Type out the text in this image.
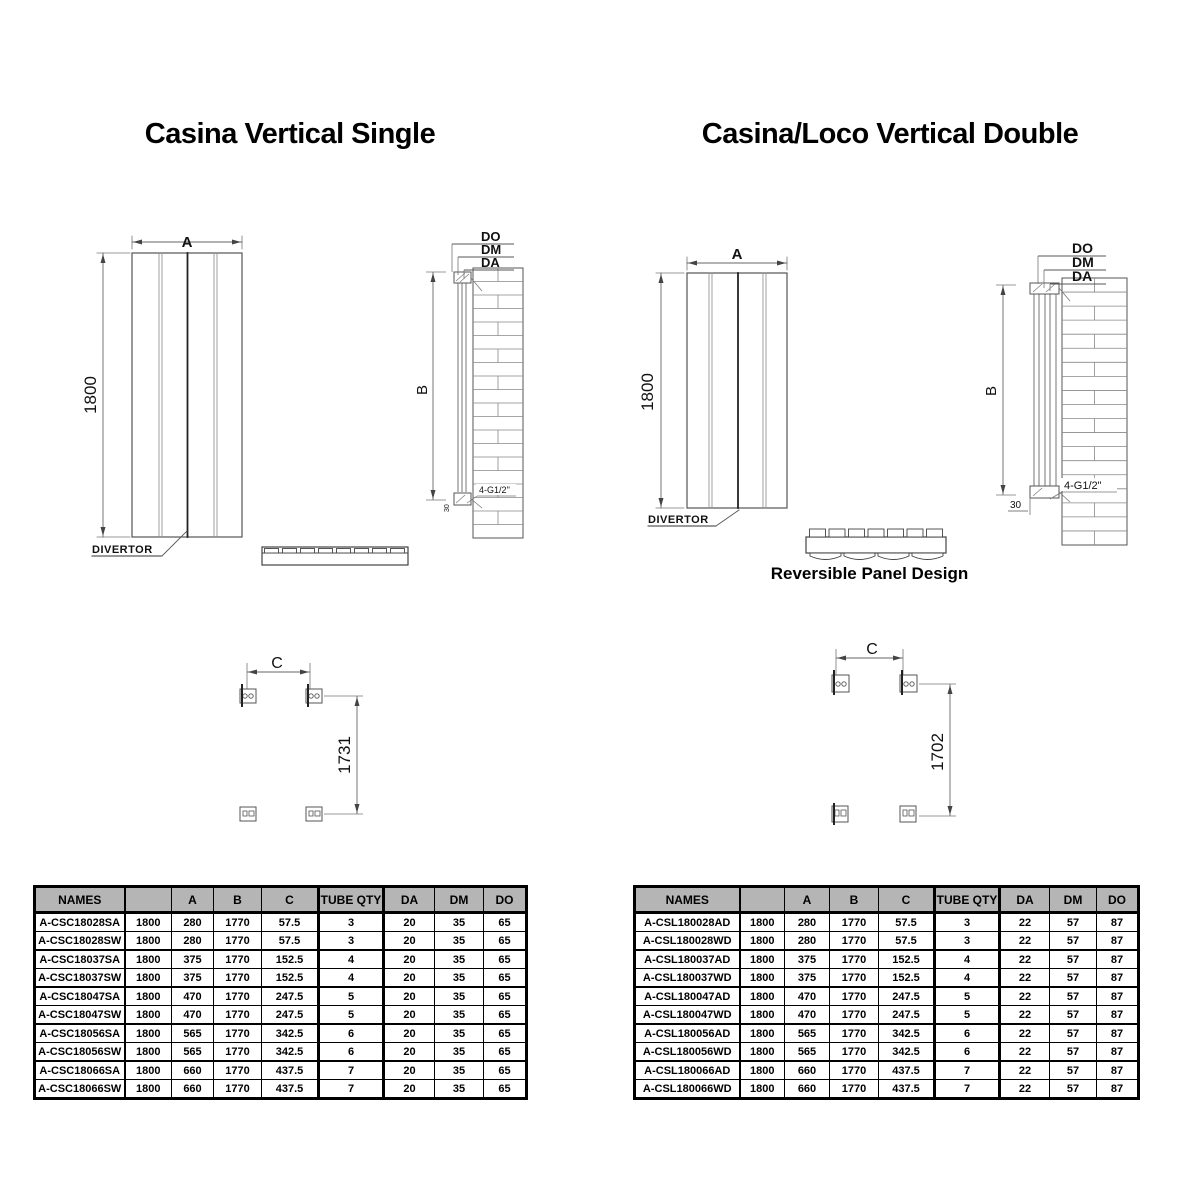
Casina Vertical Single	Casina/Loco Vertical Double
A
1800
DIVERTOR
B
DO
DM
DA
4-G1/2''
30
C
1731
A
1800
DIVERTOR
B
DO
DM
DA
4-G1/2"
30
C
1702
Reversible Panel Design
NAMES		A	B	C	TUBE QTY	DA	DM	DO
A-CSC18028SA	1800	280	1770	57.5	3	20	35	65
A-CSC18028SW	1800	280	1770	57.5	3	20	35	65
A-CSC18037SA	1800	375	1770	152.5	4	20	35	65
A-CSC18037SW	1800	375	1770	152.5	4	20	35	65
A-CSC18047SA	1800	470	1770	247.5	5	20	35	65
A-CSC18047SW	1800	470	1770	247.5	5	20	35	65
A-CSC18056SA	1800	565	1770	342.5	6	20	35	65
A-CSC18056SW	1800	565	1770	342.5	6	20	35	65
A-CSC18066SA	1800	660	1770	437.5	7	20	35	65
A-CSC18066SW	1800	660	1770	437.5	7	20	35	65
NAMES		A	B	C	TUBE QTY	DA	DM	DO
A-CSL180028AD	1800	280	1770	57.5	3	22	57	87
A-CSL180028WD	1800	280	1770	57.5	3	22	57	87
A-CSL180037AD	1800	375	1770	152.5	4	22	57	87
A-CSL180037WD	1800	375	1770	152.5	4	22	57	87
A-CSL180047AD	1800	470	1770	247.5	5	22	57	87
A-CSL180047WD	1800	470	1770	247.5	5	22	57	87
A-CSL180056AD	1800	565	1770	342.5	6	22	57	87
A-CSL180056WD	1800	565	1770	342.5	6	22	57	87
A-CSL180066AD	1800	660	1770	437.5	7	22	57	87
A-CSL180066WD	1800	660	1770	437.5	7	22	57	87
